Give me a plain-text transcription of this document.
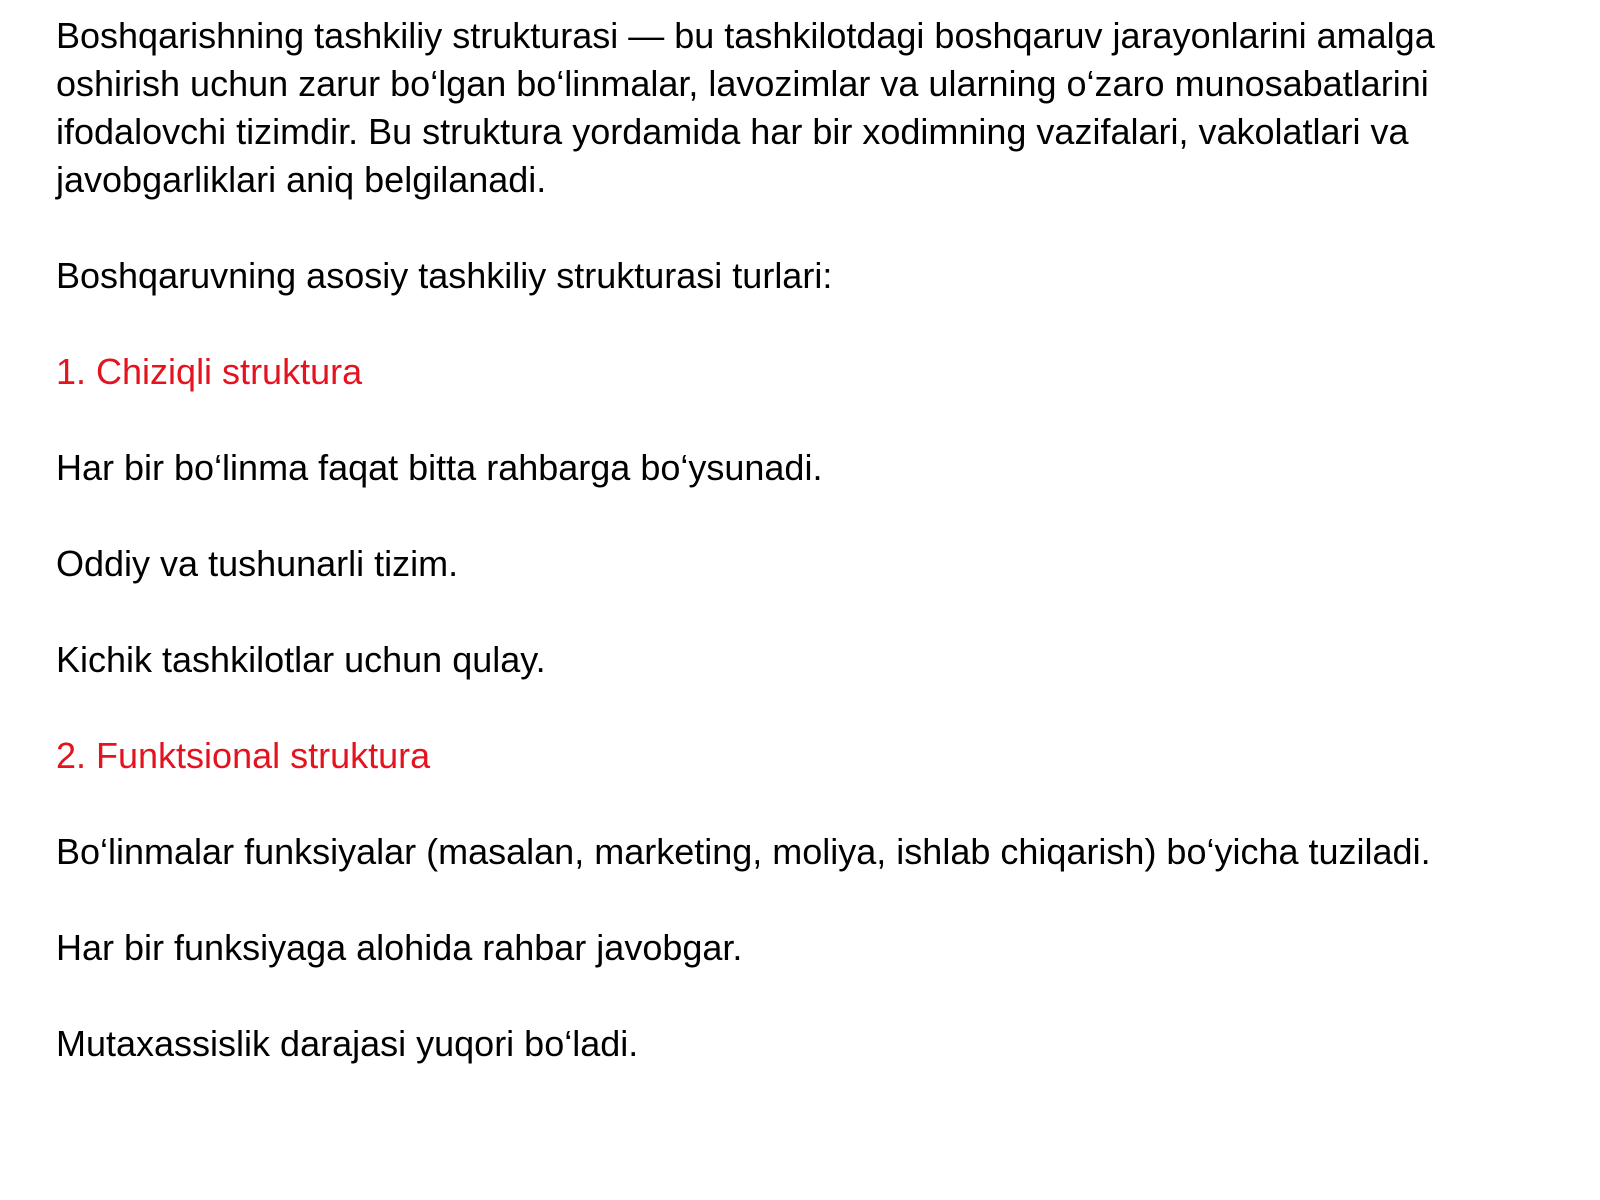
Boshqarishning tashkiliy strukturasi — bu tashkilotdagi boshqaruv jarayonlarini amalga oshirish uchun zarur bo‘lgan bo‘linmalar, lavozimlar va ularning o‘zaro munosabatlarini ifodalovchi tizimdir. Bu struktura yordamida har bir xodimning vazifalari, vakolatlari va javobgarliklari aniq belgilanadi.

Boshqaruvning asosiy tashkiliy strukturasi turlari:

1. Chiziqli struktura

Har bir bo‘linma faqat bitta rahbarga bo‘ysunadi.

Oddiy va tushunarli tizim.

Kichik tashkilotlar uchun qulay.

2. Funktsional struktura

Bo‘linmalar funksiyalar (masalan, marketing, moliya, ishlab chiqarish) bo‘yicha tuziladi.

Har bir funksiyaga alohida rahbar javobgar.

Mutaxassislik darajasi yuqori bo‘ladi.
